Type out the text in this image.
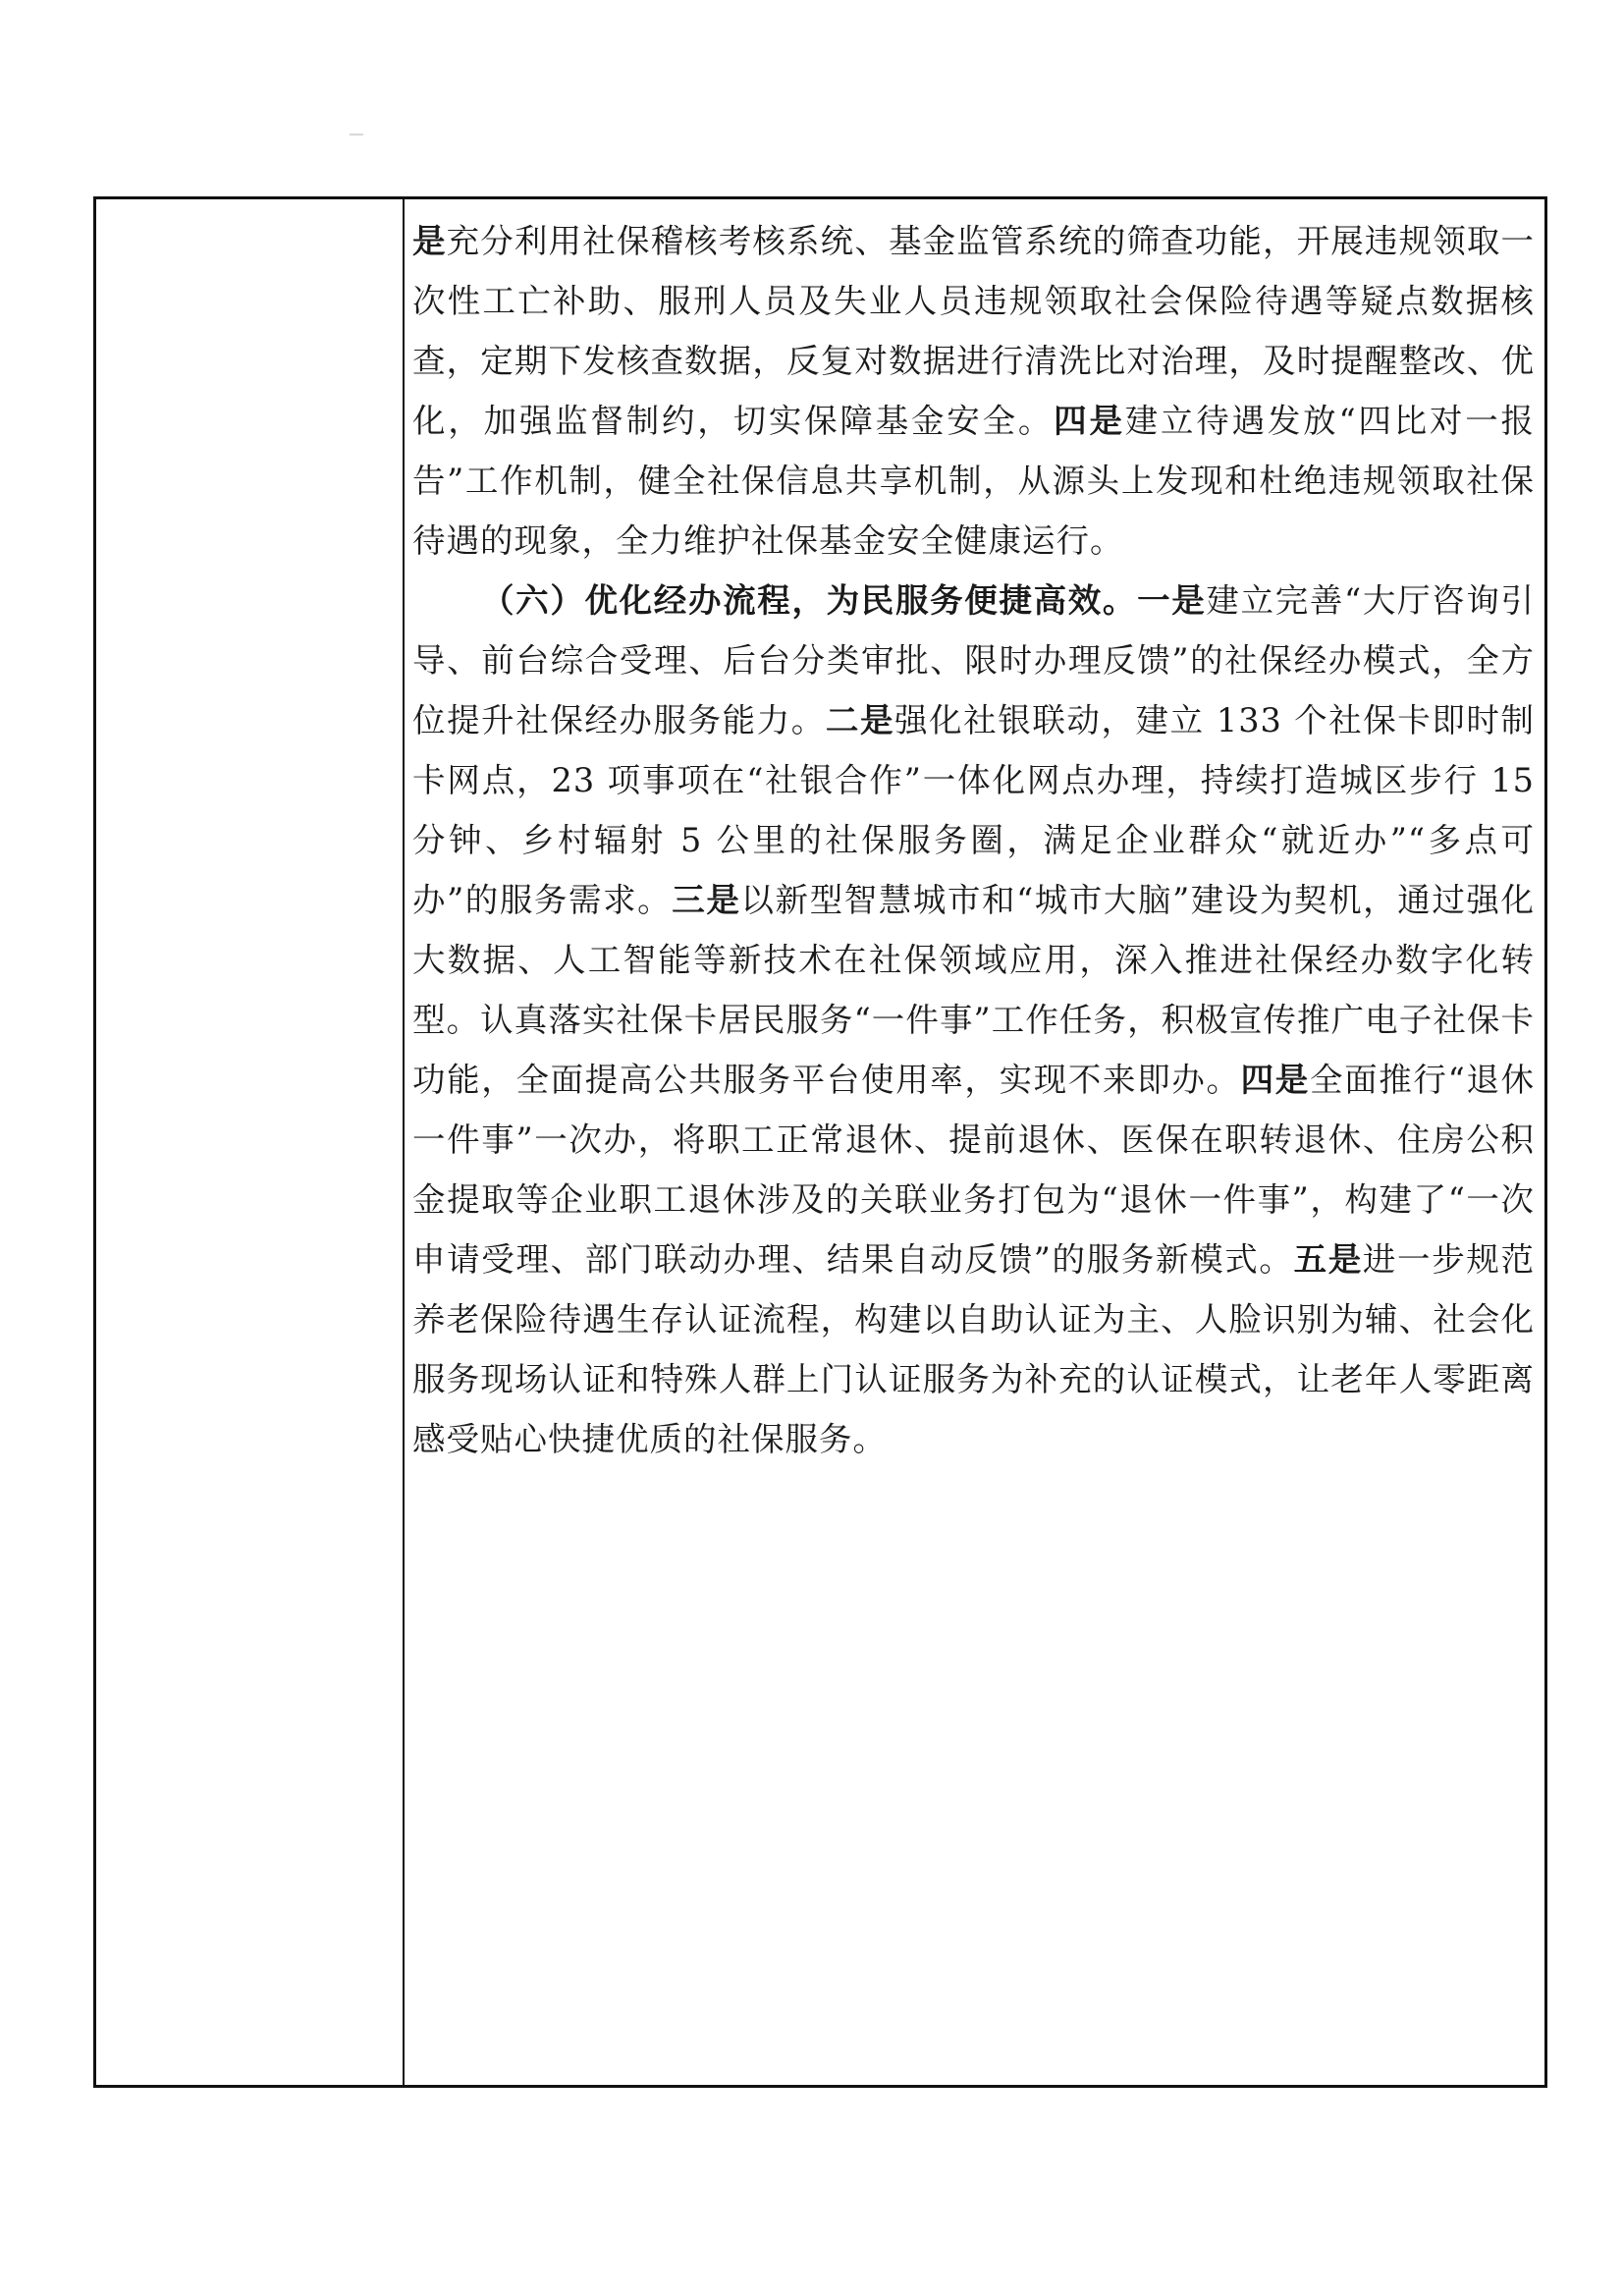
是充分利用社保稽核考核系统、基金监管系统的筛查功能，开展违规领取一次性工亡补助、服刑人员及失业人员违规领取社会保险待遇等疑点数据核查，定期下发核查数据，反复对数据进行清洗比对治理，及时提醒整改、优化，加强监督制约，切实保障基金安全。四是建立待遇发放“四比对一报告”工作机制，健全社保信息共享机制，从源头上发现和杜绝违规领取社保待遇的现象，全力维护社保基金安全健康运行。

（六）优化经办流程，为民服务便捷高效。一是建立完善“大厅咨询引导、前台综合受理、后台分类审批、限时办理反馈”的社保经办模式，全方位提升社保经办服务能力。二是强化社银联动，建立 133 个社保卡即时制卡网点，23 项事项在“社银合作”一体化网点办理，持续打造城区步行 15 分钟、乡村辐射 5 公里的社保服务圈，满足企业群众“就近办”“多点可办”的服务需求。三是以新型智慧城市和“城市大脑”建设为契机，通过强化大数据、人工智能等新技术在社保领域应用，深入推进社保经办数字化转型。认真落实社保卡居民服务“一件事”工作任务，积极宣传推广电子社保卡功能，全面提高公共服务平台使用率，实现不来即办。四是全面推行“退休一件事”一次办，将职工正常退休、提前退休、医保在职转退休、住房公积金提取等企业职工退休涉及的关联业务打包为“退休一件事”，构建了“一次申请受理、部门联动办理、结果自动反馈”的服务新模式。五是进一步规范养老保险待遇生存认证流程，构建以自助认证为主、人脸识别为辅、社会化服务现场认证和特殊人群上门认证服务为补充的认证模式，让老年人零距离感受贴心快捷优质的社保服务。
